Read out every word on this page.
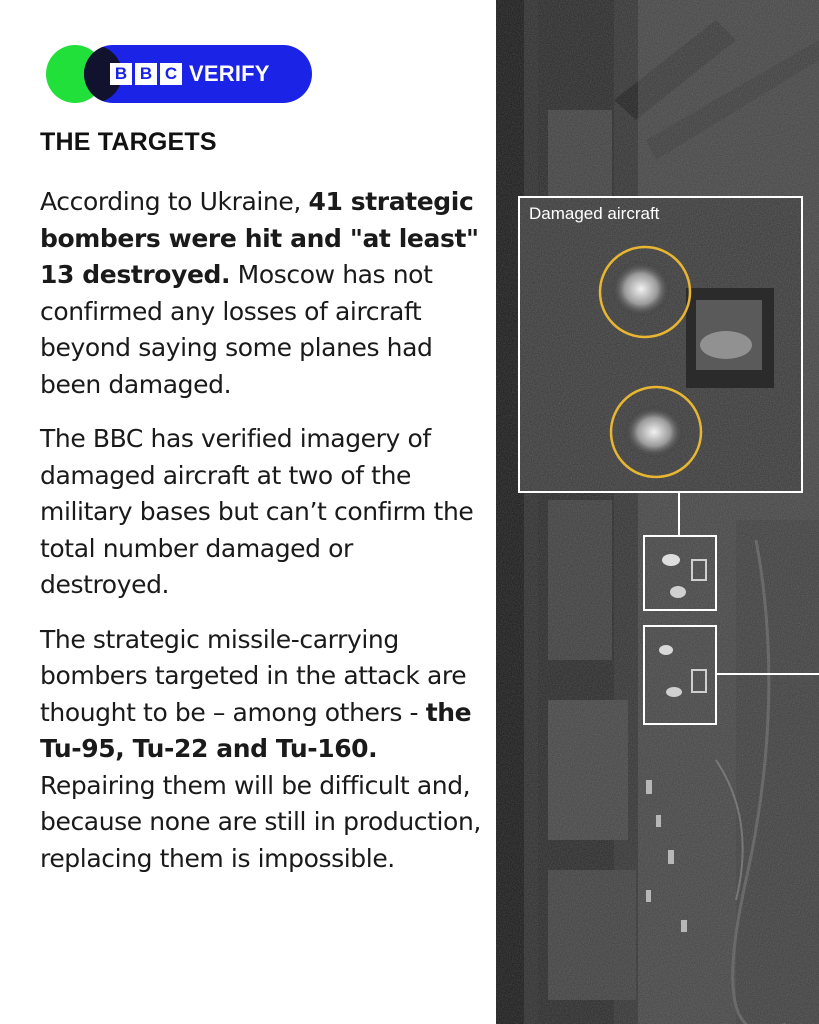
B B C VERIFY
THE TARGETS

According to Ukraine, 41 strategic bombers were hit and "at least" 13 destroyed. Moscow has not confirmed any losses of aircraft beyond saying some planes had been damaged.

The BBC has verified imagery of damaged aircraft at two of the military bases but can’t confirm the total number damaged or destroyed.

The strategic missile-carrying bombers targeted in the attack are thought to be – among others - the Tu-95, Tu-22 and Tu-160. Repairing them will be difficult and, because none are still in production, replacing them is impossible.

Damaged aircraft
